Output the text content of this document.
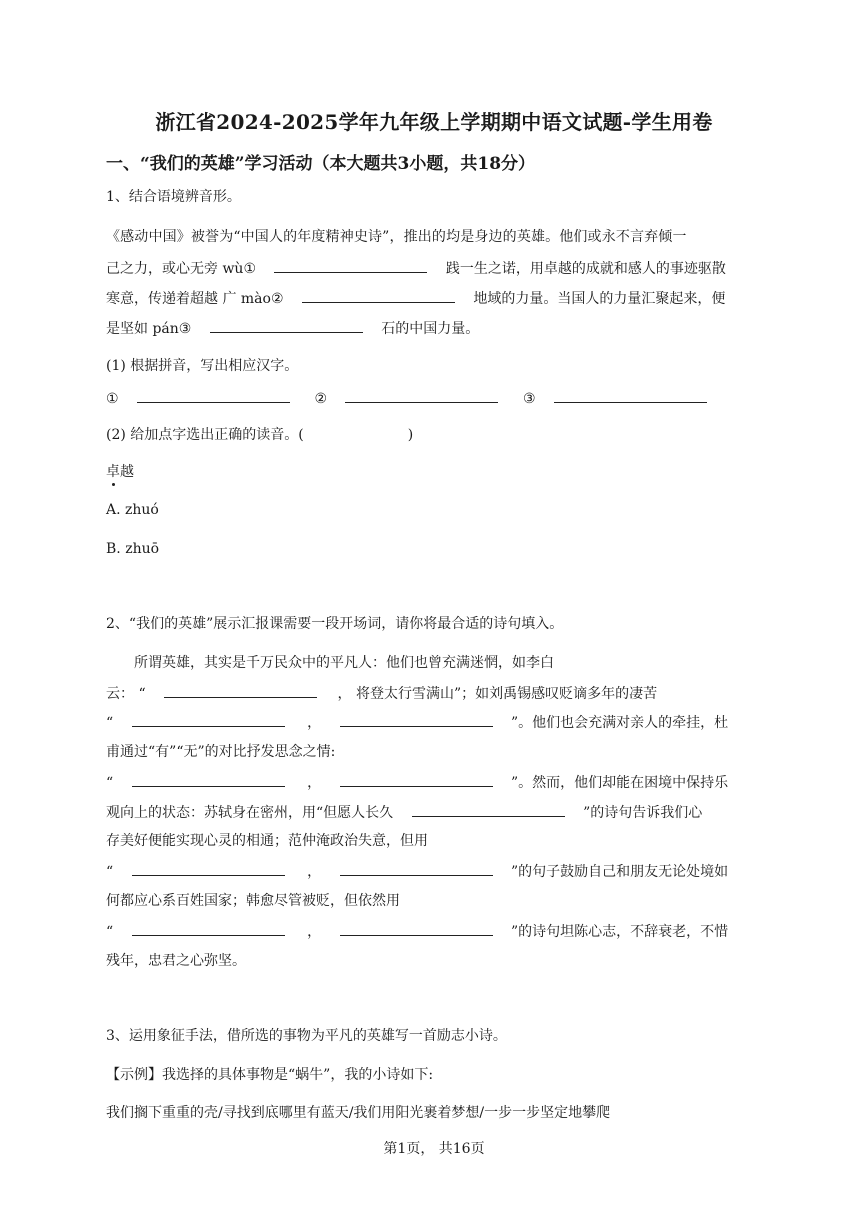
浙江省2024-2025学年九年级上学期期中语文试题-学生用卷
一、“我们的英雄”学习活动（本大题共3小题，共18分）
1、结合语境辨音形。
《感动中国》被誉为“中国人的年度精神史诗”，推出的均是身边的英雄。他们或永不言弃倾一
己之力，或心无旁 wù①	践一生之诺，用卓越的成就和感人的事迹驱散
寒意，传递着超越 广 mào②	地域的力量。当国人的力量汇聚起来，便
是坚如 pán③	石的中国力量。
(1) 根据拼音，写出相应汉字。
①	②	③
(2) 给加点字选出正确的读音。(	)
卓越
A. zhuó
B. zhuō
2、“我们的英雄”展示汇报课需要一段开场词，请你将最合适的诗句填入。
所谓英雄，其实是千万民众中的平凡人：他们也曾充满迷惘，如李白
云： “	， 将登太行雪满山”；如刘禹锡感叹贬谪多年的凄苦
“	，	”。他们也会充满对亲人的牵挂，杜
甫通过“有”“无”的对比抒发思念之情:
“	，	”。然而，他们却能在困境中保持乐
观向上的状态：苏轼身在密州，用“但愿人长久	”的诗句告诉我们心
存美好便能实现心灵的相通；范仲淹政治失意，但用
“	，	”的句子鼓励自己和朋友无论处境如
何都应心系百姓国家；韩愈尽管被贬，但依然用
“	，	”的诗句坦陈心志，不辞衰老，不惜
残年，忠君之心弥坚。
3、运用象征手法，借所选的事物为平凡的英雄写一首励志小诗。
【示例】我选择的具体事物是“蜗牛”，我的小诗如下:
我们搁下重重的壳/寻找到底哪里有蓝天/我们用阳光裹着梦想/一步一步坚定地攀爬
第1页， 共16页
